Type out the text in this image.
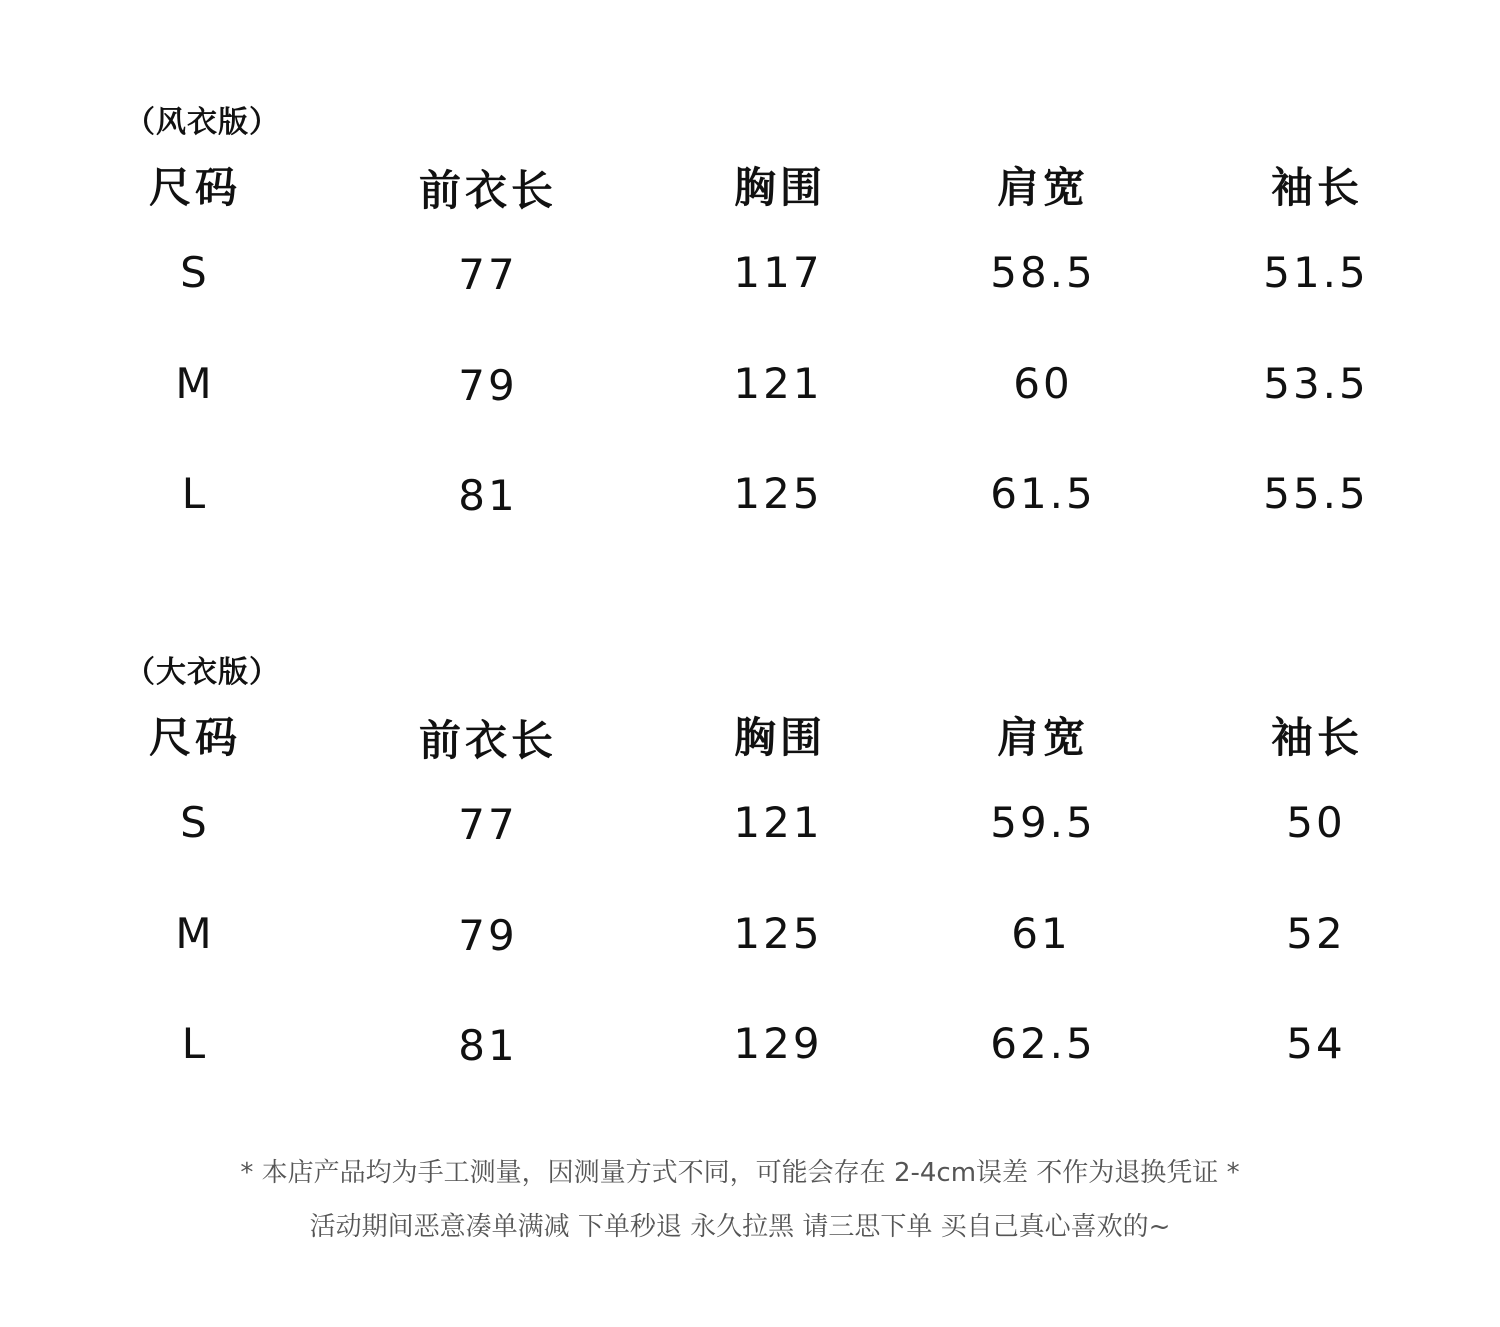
（风衣版）
尺码	前衣长	胸围	肩宽	袖长
S	77	117	58.5	51.5
M	79	121	60	53.5
L	81	125	61.5	55.5
（大衣版）
尺码	前衣长	胸围	肩宽	袖长
S	77	121	59.5	50
M	79	125	61	52
L	81	129	62.5	54
* 本店产品均为手工测量，因测量方式不同，可能会存在 2-4cm误差 不作为退换凭证 *
活动期间恶意凑单满减 下单秒退 永久拉黑 请三思下单 买自己真心喜欢的~
